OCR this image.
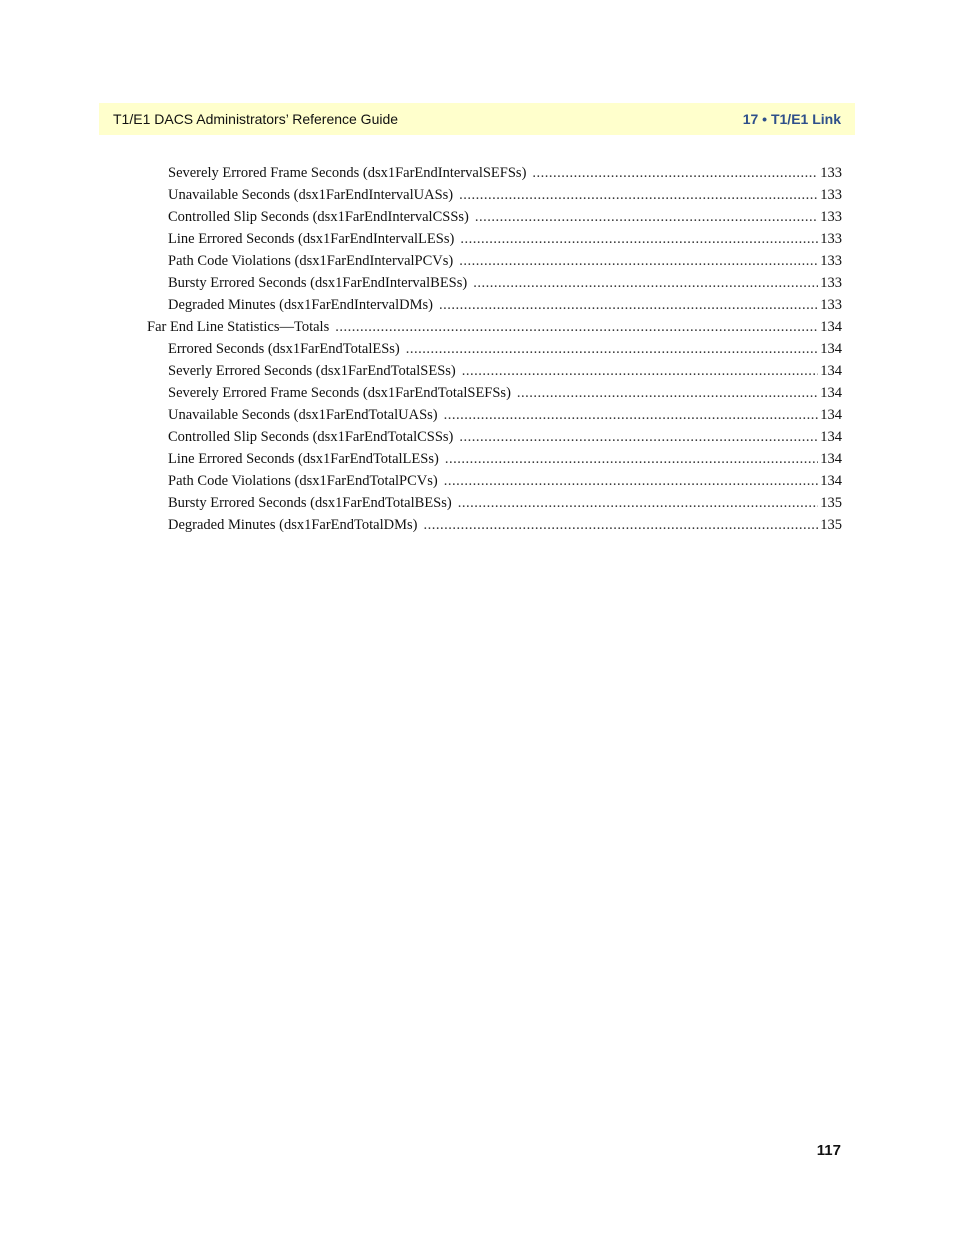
T1/E1 DACS Administrators’ Reference Guide	17 • T1/E1 Link
Severely Errored Frame Seconds (dsx1FarEndIntervalSEFSs) .....	133
Unavailable Seconds (dsx1FarEndIntervalUASs) .....	133
Controlled Slip Seconds (dsx1FarEndIntervalCSSs) .....	133
Line Errored Seconds (dsx1FarEndIntervalLESs) .....	133
Path Code Violations (dsx1FarEndIntervalPCVs) .....	133
Bursty Errored Seconds (dsx1FarEndIntervalBESs) .....	133
Degraded Minutes (dsx1FarEndIntervalDMs) .....	133
Far End Line Statistics—Totals .....	134
Errored Seconds (dsx1FarEndTotalESs) .....	134
Severly Errored Seconds (dsx1FarEndTotalSESs) .....	134
Severely Errored Frame Seconds (dsx1FarEndTotalSEFSs) .....	134
Unavailable Seconds (dsx1FarEndTotalUASs) .....	134
Controlled Slip Seconds (dsx1FarEndTotalCSSs) .....	134
Line Errored Seconds (dsx1FarEndTotalLESs) .....	134
Path Code Violations (dsx1FarEndTotalPCVs) .....	134
Bursty Errored Seconds (dsx1FarEndTotalBESs) .....	135
Degraded Minutes (dsx1FarEndTotalDMs) .....	135
117
